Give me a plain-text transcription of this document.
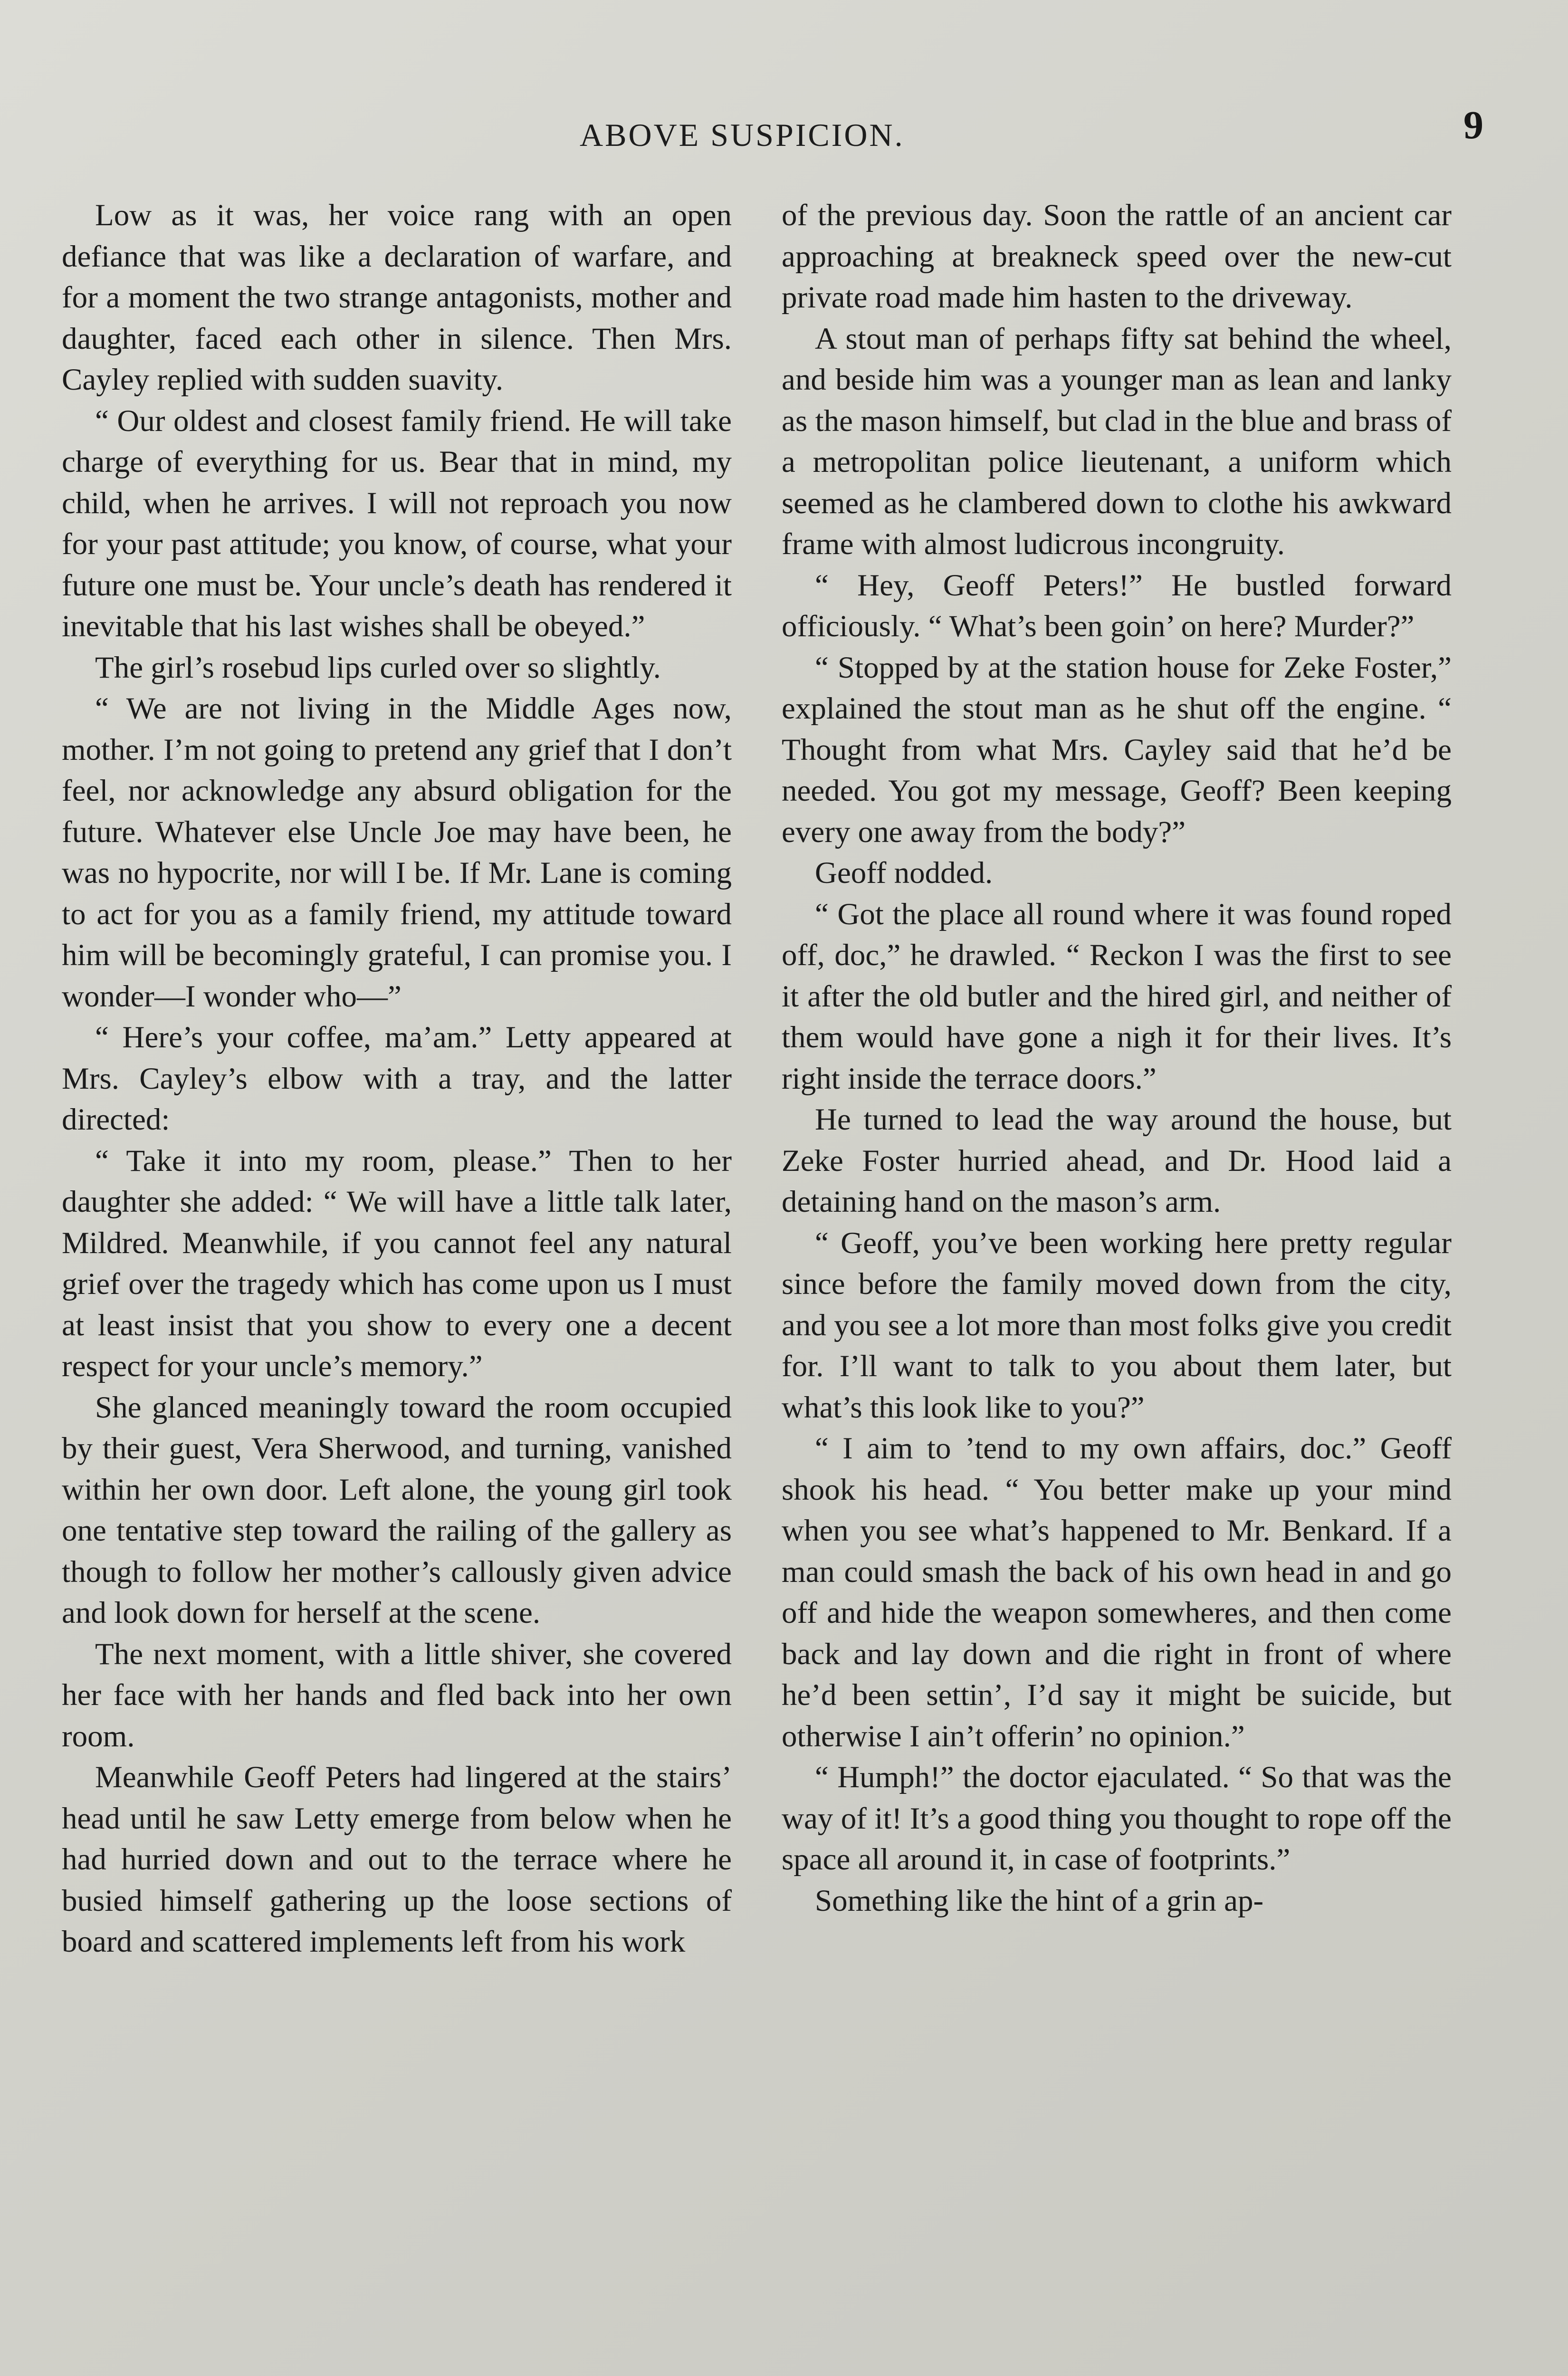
ABOVE SUSPICION.	9

Low as it was, her voice rang with an open defiance that was like a declaration of warfare, and for a moment the two strange antagonists, mother and daughter, faced each other in silence. Then Mrs. Cayley replied with sudden suavity.

“ Our oldest and closest family friend. He will take charge of everything for us. Bear that in mind, my child, when he arrives. I will not reproach you now for your past attitude; you know, of course, what your future one must be. Your uncle’s death has rendered it inevitable that his last wishes shall be obeyed.”

The girl’s rosebud lips curled over so slightly.

“ We are not living in the Middle Ages now, mother. I’m not going to pretend any grief that I don’t feel, nor acknowledge any absurd obligation for the future. Whatever else Uncle Joe may have been, he was no hypocrite, nor will I be. If Mr. Lane is coming to act for you as a family friend, my attitude toward him will be becomingly grateful, I can promise you. I wonder—I wonder who—”

“ Here’s your coffee, ma’am.” Letty appeared at Mrs. Cayley’s elbow with a tray, and the latter directed:

“ Take it into my room, please.” Then to her daughter she added: “ We will have a little talk later, Mildred. Meanwhile, if you cannot feel any natural grief over the tragedy which has come upon us I must at least insist that you show to every one a decent respect for your uncle’s memory.”

She glanced meaningly toward the room occupied by their guest, Vera Sherwood, and turning, vanished within her own door. Left alone, the young girl took one tentative step toward the railing of the gallery as though to follow her mother’s callously given advice and look down for herself at the scene.

The next moment, with a little shiver, she covered her face with her hands and fled back into her own room.

Meanwhile Geoff Peters had lingered at the stairs’ head until he saw Letty emerge from below when he had hurried down and out to the terrace where he busied himself gathering up the loose sections of board and scattered implements left from his work

of the previous day. Soon the rattle of an ancient car approaching at breakneck speed over the new-cut private road made him hasten to the driveway.

A stout man of perhaps fifty sat behind the wheel, and beside him was a younger man as lean and lanky as the mason himself, but clad in the blue and brass of a metropolitan police lieutenant, a uniform which seemed as he clambered down to clothe his awkward frame with almost ludicrous incongruity.

“ Hey, Geoff Peters!” He bustled forward officiously. “ What’s been goin’ on here? Murder?”

“ Stopped by at the station house for Zeke Foster,” explained the stout man as he shut off the engine. “ Thought from what Mrs. Cayley said that he’d be needed. You got my message, Geoff? Been keeping every one away from the body?”

Geoff nodded.

“ Got the place all round where it was found roped off, doc,” he drawled. “ Reckon I was the first to see it after the old butler and the hired girl, and neither of them would have gone a nigh it for their lives. It’s right inside the terrace doors.”

He turned to lead the way around the house, but Zeke Foster hurried ahead, and Dr. Hood laid a detaining hand on the mason’s arm.

“ Geoff, you’ve been working here pretty regular since before the family moved down from the city, and you see a lot more than most folks give you credit for. I’ll want to talk to you about them later, but what’s this look like to you?”

“ I aim to ’tend to my own affairs, doc.” Geoff shook his head. “ You better make up your mind when you see what’s happened to Mr. Benkard. If a man could smash the back of his own head in and go off and hide the weapon somewheres, and then come back and lay down and die right in front of where he’d been settin’, I’d say it might be suicide, but otherwise I ain’t offerin’ no opinion.”

“ Humph!” the doctor ejaculated. “ So that was the way of it! It’s a good thing you thought to rope off the space all around it, in case of footprints.”

Something like the hint of a grin ap-
